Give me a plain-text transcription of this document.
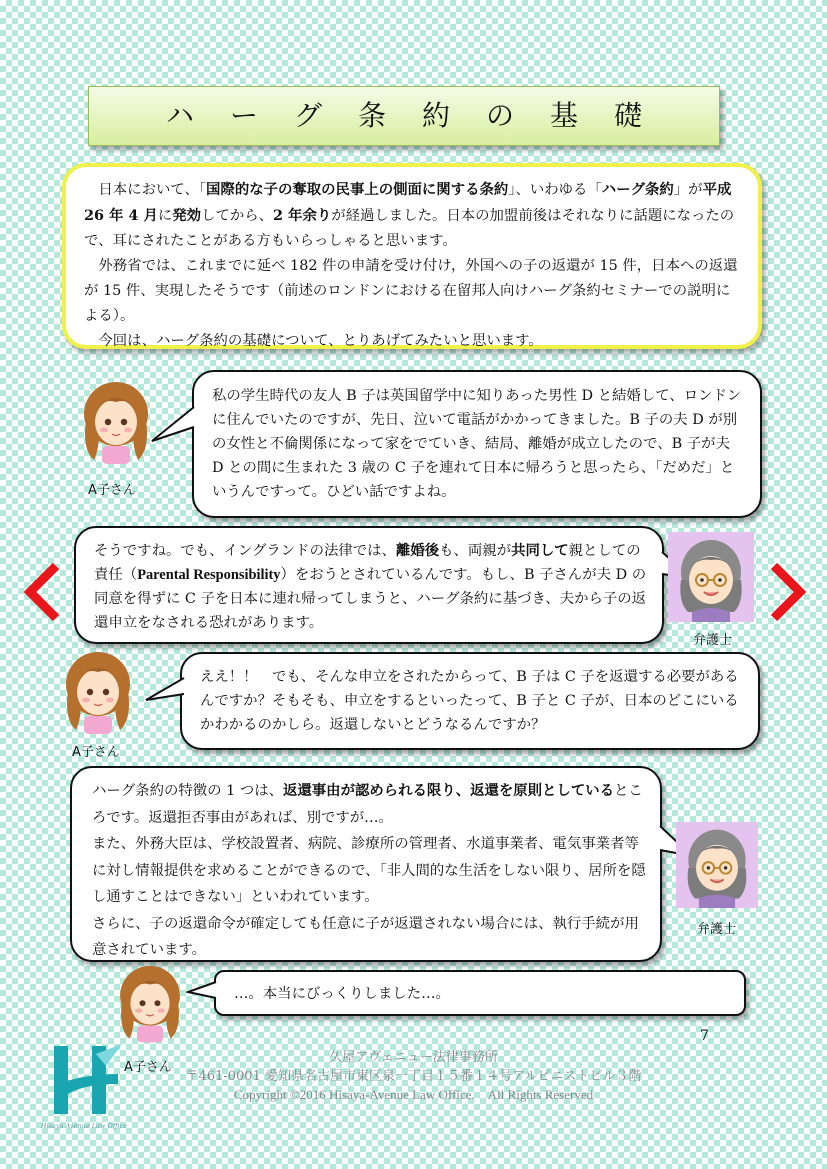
ハーグ条約の基礎

日本において、「国際的な子の奪取の民事上の側面に関する条約」、いわゆる「ハーグ条約」が平成 26 年 4 月に発効してから、2 年余りが経過しました。日本の加盟前後はそれなりに話題になったので、耳にされたことがある方もいらっしゃると思います。

外務省では、これまでに延べ 182 件の申請を受け付け，外国への子の返還が 15 件，日本への返還が 15 件、実現したそうです（前述のロンドンにおける在留邦人向けハーグ条約セミナーでの説明による）。

今回は、ハーグ条約の基礎について、とりあげてみたいと思います。

A子さん

私の学生時代の友人 B 子は英国留学中に知りあった男性 D と結婚して、ロンドンに住んでいたのですが、先日、泣いて電話がかかってきました。B 子の夫 D が別の女性と不倫関係になって家をでていき、結局、離婚が成立したので、B 子が夫 D との間に生まれた 3 歳の C 子を連れて日本に帰ろうと思ったら、「だめだ」というんですって。ひどい話ですよね。

そうですね。でも、イングランドの法律では、離婚後も、両親が共同して親としての責任（Parental Responsibility）をおうとされているんです。もし、B 子さんが夫 D の同意を得ずに C 子を日本に連れ帰ってしまうと、ハーグ条約に基づき、夫から子の返還申立をなされる恐れがあります。

弁護士
A子さん

ええ！！　でも、そんな申立をされたからって、B 子は C 子を返還する必要があるんですか？そもそも、申立をするといったって、B 子と C 子が、日本のどこにいるかわかるのかしら。返還しないとどうなるんですか？

ハーグ条約の特徴の 1 つは、返還事由が認められる限り、返還を原則としているところです。返還拒否事由があれば、別ですが…。

また、外務大臣は、学校設置者、病院、診療所の管理者、水道事業者、電気事業者等に対し情報提供を求めることができるので、「非人間的な生活をしない限り、居所を隠し通すことはできない」といわれています。

さらに、子の返還命令が確定しても任意に子が返還されない場合には、執行手続が用意されています。

弁護士
A子さん

…。本当にびっくりしました…。

7
Hisaya Avenue Law Office
久屋アヴェニュー法律事務所
〒461-0001 愛知県名古屋市東区泉一丁目１５番１４号アルピニストビル３階
Copyright ©2016 Hisaya-Avenue Law Office.　All Rights Reserved
